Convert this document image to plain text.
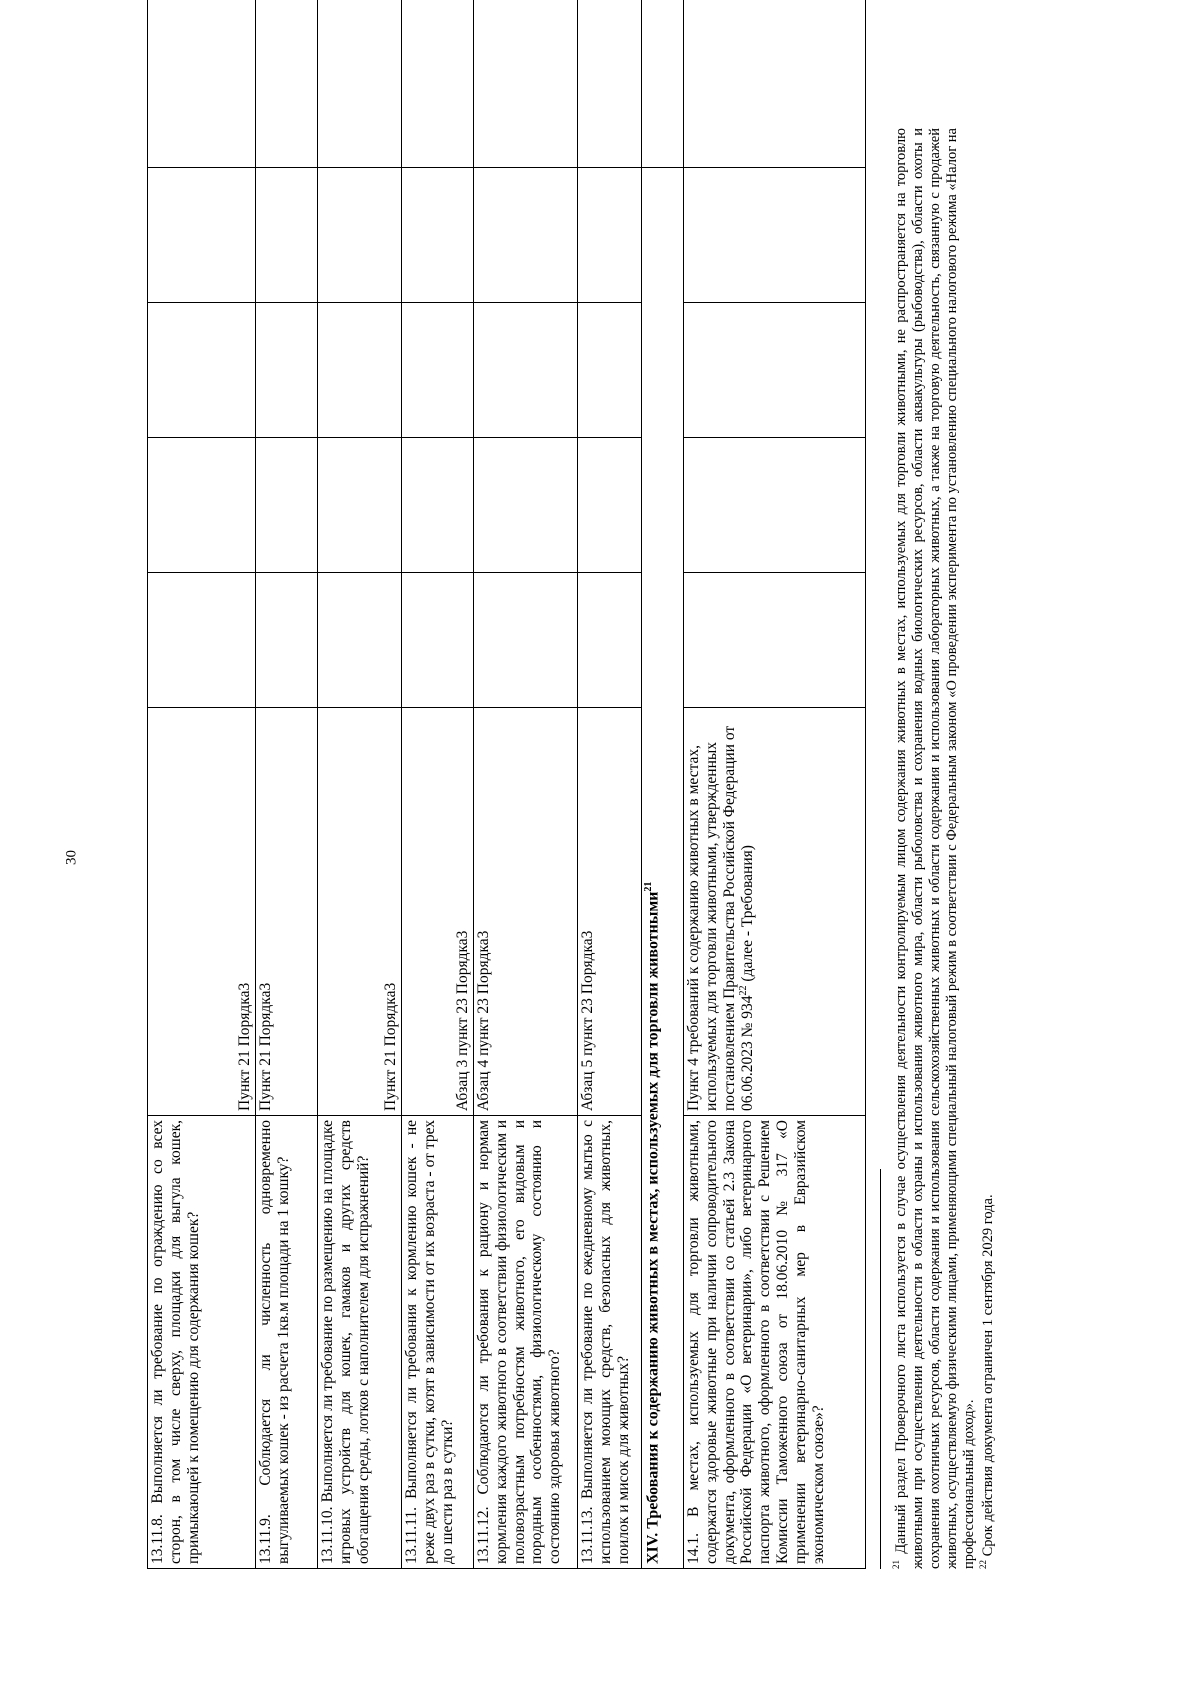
30
13.11.8. Выполняется ли требование по ограждению со всех сторон, в том числе сверху, площадки для выгула кошек, примыкающей к помещению для содержания кошек?	Пункт 21 Порядка3					
13.11.9. Соблюдается ли численность одновременно выгуливаемых кошек - из расчета 1кв.м площади на 1 кошку?	Пункт 21 Порядка3					
13.11.10. Выполняется ли требование по размещению на площадке игровых устройств для кошек, гамаков и других средств обогащения среды, лотков с наполнителем для испражнений?	Пункт 21 Порядка3					
13.11.11. Выполняется ли требования к кормлению кошек - не реже двух раз в сутки, котят в зависимости от их возраста - от трех до шести раз в сутки?	Абзац 3 пункт 23 Порядка3					
13.11.12. Соблюдаются ли требования к рациону и нормам кормления каждого животного в соответствии физиологическим и половозрастным потребностям животного, его видовым и породным особенностями, физиологическому состоянию и состоянию здоровья животного?	Абзац 4 пункт 23 Порядка3					
13.11.13. Выполняется ли требование по ежедневному мытью с использованием моющих средств, безопасных для животных, поилок и мисок для животных?	Абзац 5 пункт 23 Порядка3					
XIV. Требования к содержанию животных в местах, используемых для торговли животными$^{21}$	
14.1. В местах, используемых для торговли животными, содержатся здоровые животные при наличии сопроводительного документа, оформленного в соответствии со статьей 2.3 Закона Российской Федерации «О ветеринарии», либо ветеринарного паспорта животного, оформленного в соответствии с Решением Комиссии Таможенного союза от 18.06.2010 № 317 «О применении ветеринарно-санитарных мер в Евразийском экономическом союзе»?	Пункт 4 требований к содержанию животных в местах, используемых для торговли животными, утвержденных постановлением Правительства Российской Федерации от 06.06.2023 № $934^{22}$ (далее - Требования)					

$^{21}$ Данный раздел Проверочного листа используется в случае осуществления деятельности контролируемым лицом содержания животных в местах, используемых для торговли животными, не распространяется на торговлю животными при осуществлении деятельности в области охраны и использования животного мира, области рыболовства и сохранения водных биологических ресурсов, области аквакультуры (рыбоводства), области охоты и сохранения охотничьих ресурсов, области содержания и использования сельскохозяйственных животных и области содержания и использования лабораторных животных, а также на торговую деятельность, связанную с продажей животных, осуществляемую физическими лицами, применяющими специальный налоговый режим в соответствии с Федеральным законом «О проведении эксперимента по установлению специального налогового режима «Налог на профессиональный доход». $^{22}$ Срок действия документа ограничен 1 сентября 2029 года.
